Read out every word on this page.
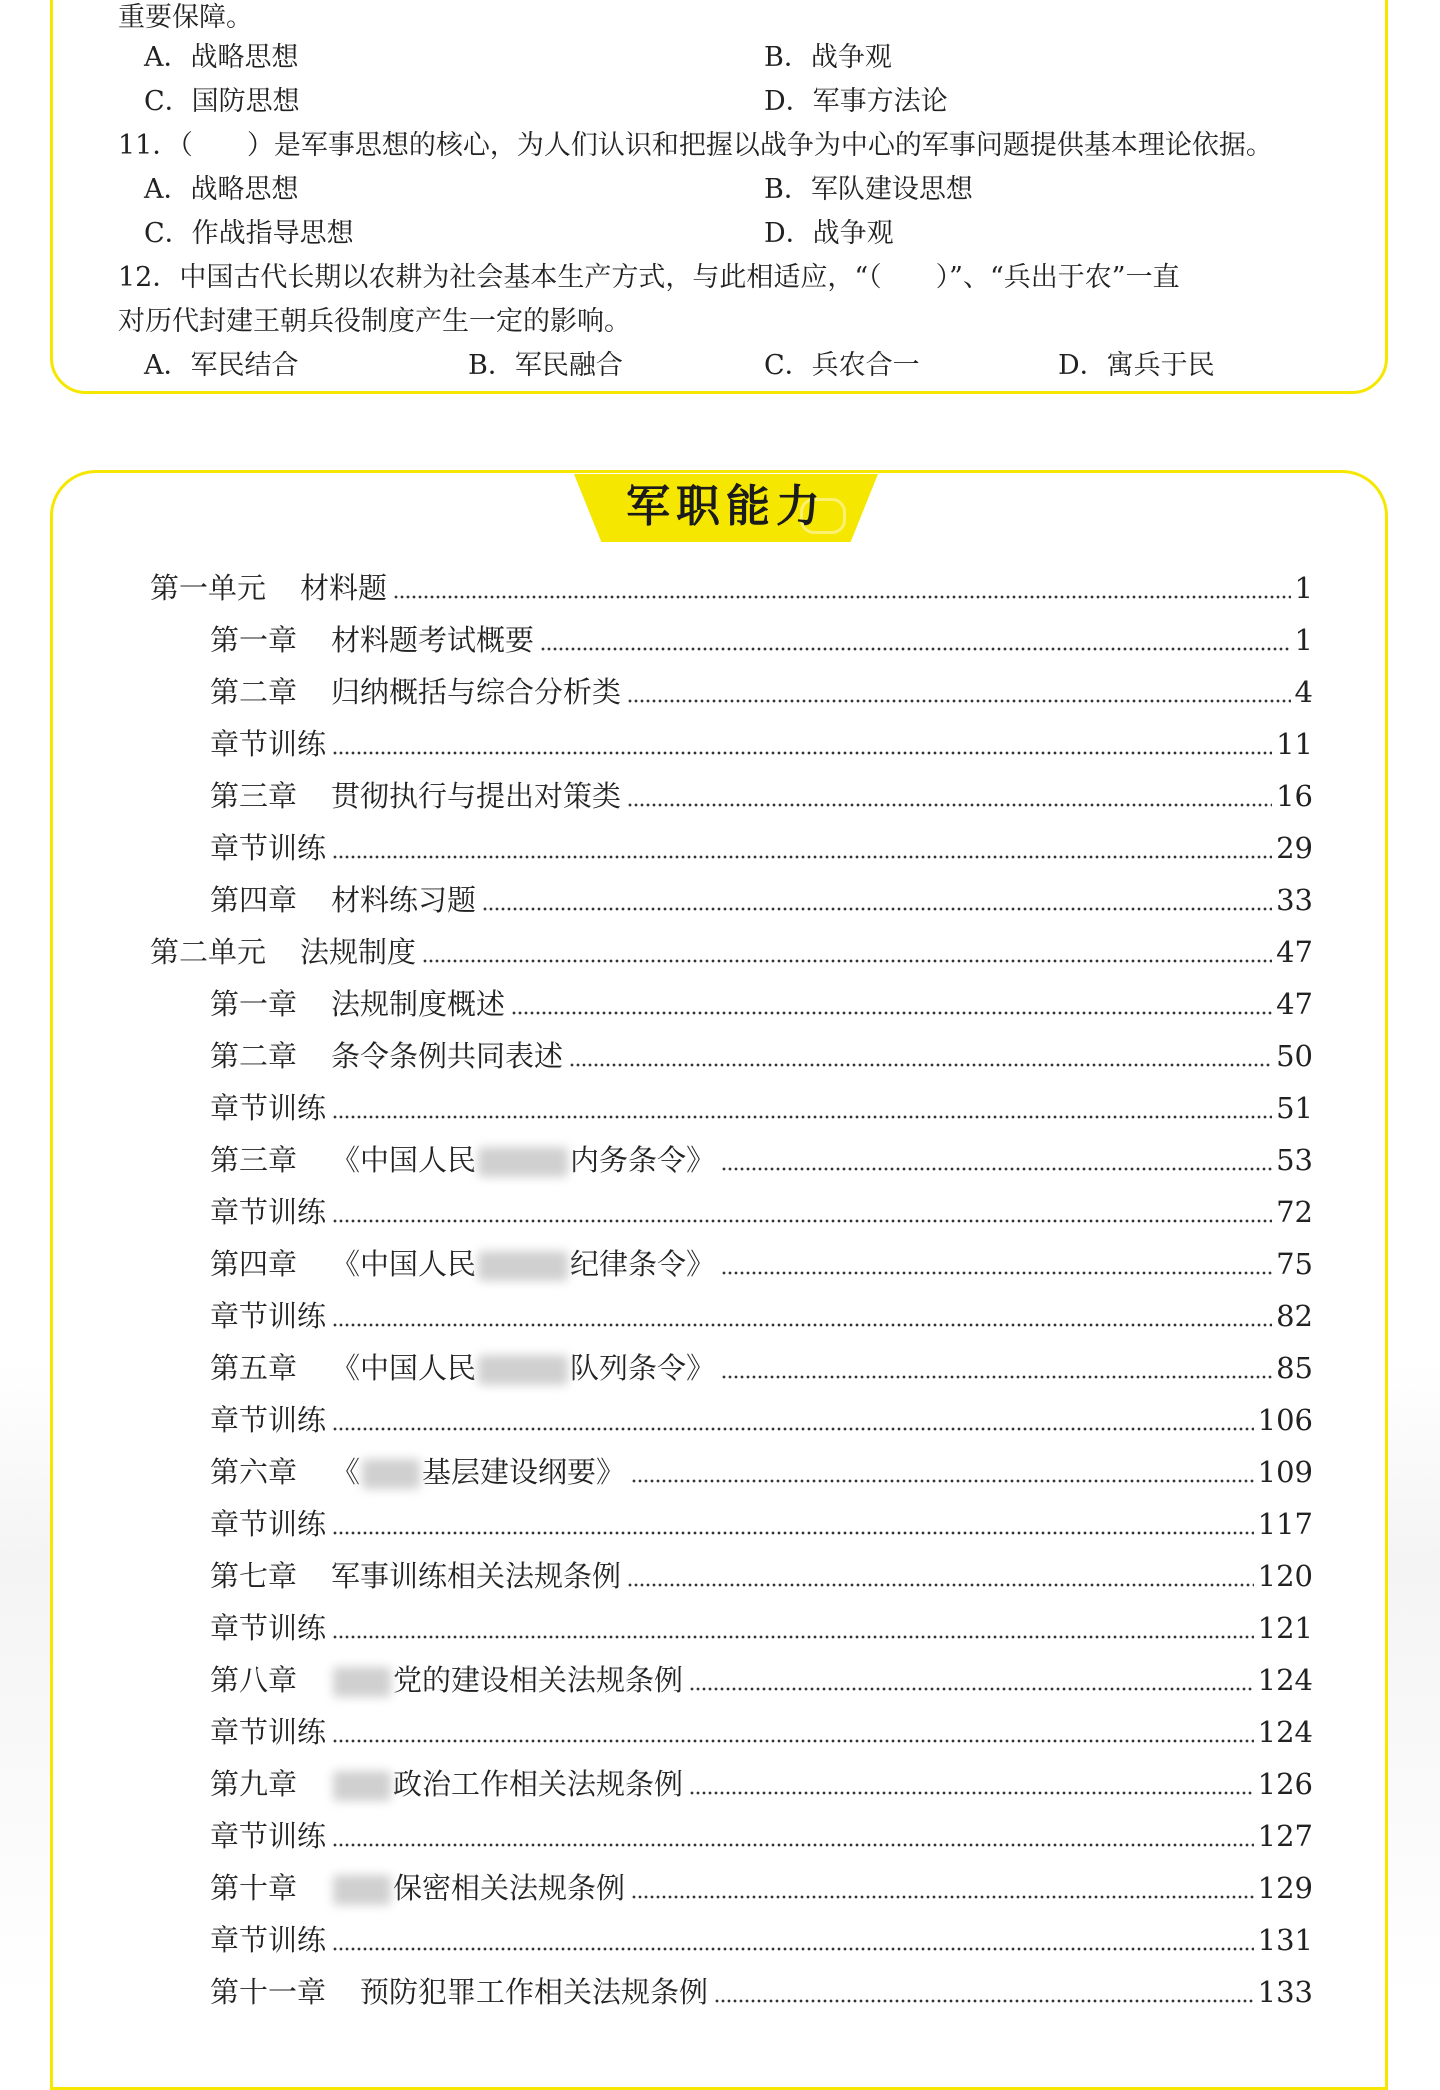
重要保障。
A．战略思想	B．战争观
C．国防思想	D．军事方法论
11．（　　）是军事思想的核心，为人们认识和把握以战争为中心的军事问题提供基本理论依据。
A．战略思想	B．军队建设思想
C．作战指导思想	D．战争观
12．中国古代长期以农耕为社会基本生产方式，与此相适应，“（　　）”、“兵出于农”一直
对历代封建王朝兵役制度产生一定的影响。
A．军民结合	B．军民融合	C．兵农合一	D．寓兵于民
军职能力
第一单元 材料题	1
第一章 材料题考试概要	1
第二章 归纳概括与综合分析类	4
章节训练	11
第三章 贯彻执行与提出对策类	16
章节训练	29
第四章 材料练习题	33
第二单元 法规制度	47
第一章 法规制度概述	47
第二章 条令条例共同表述	50
章节训练	51
第三章 《中国人民	内务条令》	53
章节训练	72
第四章 《中国人民	纪律条令》	75
章节训练	82
第五章 《中国人民	队列条令》	85
章节训练	106
第六章 《 基层建设纲要》	109
章节训练	117
第七章 军事训练相关法规条例	120
章节训练	121
第八章	党的建设相关法规条例	124
章节训练	124
第九章	政治工作相关法规条例	126
章节训练	127
第十章	保密相关法规条例	129
章节训练	131
第十一章 预防犯罪工作相关法规条例	133
